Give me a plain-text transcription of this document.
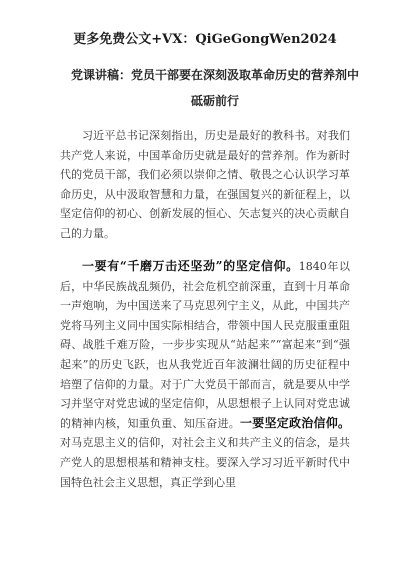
更多免费公文+VX：QiGeGongWen2024
党课讲稿：党员干部要在深刻汲取革命历史的营养剂中砥砺前行
习近平总书记深刻指出，历史是最好的教科书。对我们共产党人来说，中国革命历史就是最好的营养剂。作为新时代的党员干部，我们必须以崇仰之情、敬畏之心认识学习革命历史，从中汲取智慧和力量，在强国复兴的新征程上，以坚定信仰的初心、创新发展的恒心、矢志复兴的决心贡献自己的力量。
一要有“千磨万击还坚劲”的坚定信仰。1840年以后，中华民族战乱频仍，社会危机空前深重，直到十月革命一声炮响，为中国送来了马克思列宁主义，从此，中国共产党将马列主义同中国实际相结合，带领中国人民克服重重阻碍、战胜千难万险，一步步实现从“站起来”“富起来”到“强起来”的历史飞跃，也从我党近百年波澜壮阔的历史征程中培塑了信仰的力量。对于广大党员干部而言，就是要从中学习并坚守对党忠诚的坚定信仰，从思想根子上认同对党忠诚的精神内核，知重负重、知压奋进。一要坚定政治信仰。对马克思主义的信仰，对社会主义和共产主义的信念，是共产党人的思想根基和精神支柱。要深入学习习近平新时代中国特色社会主义思想，真正学到心里
